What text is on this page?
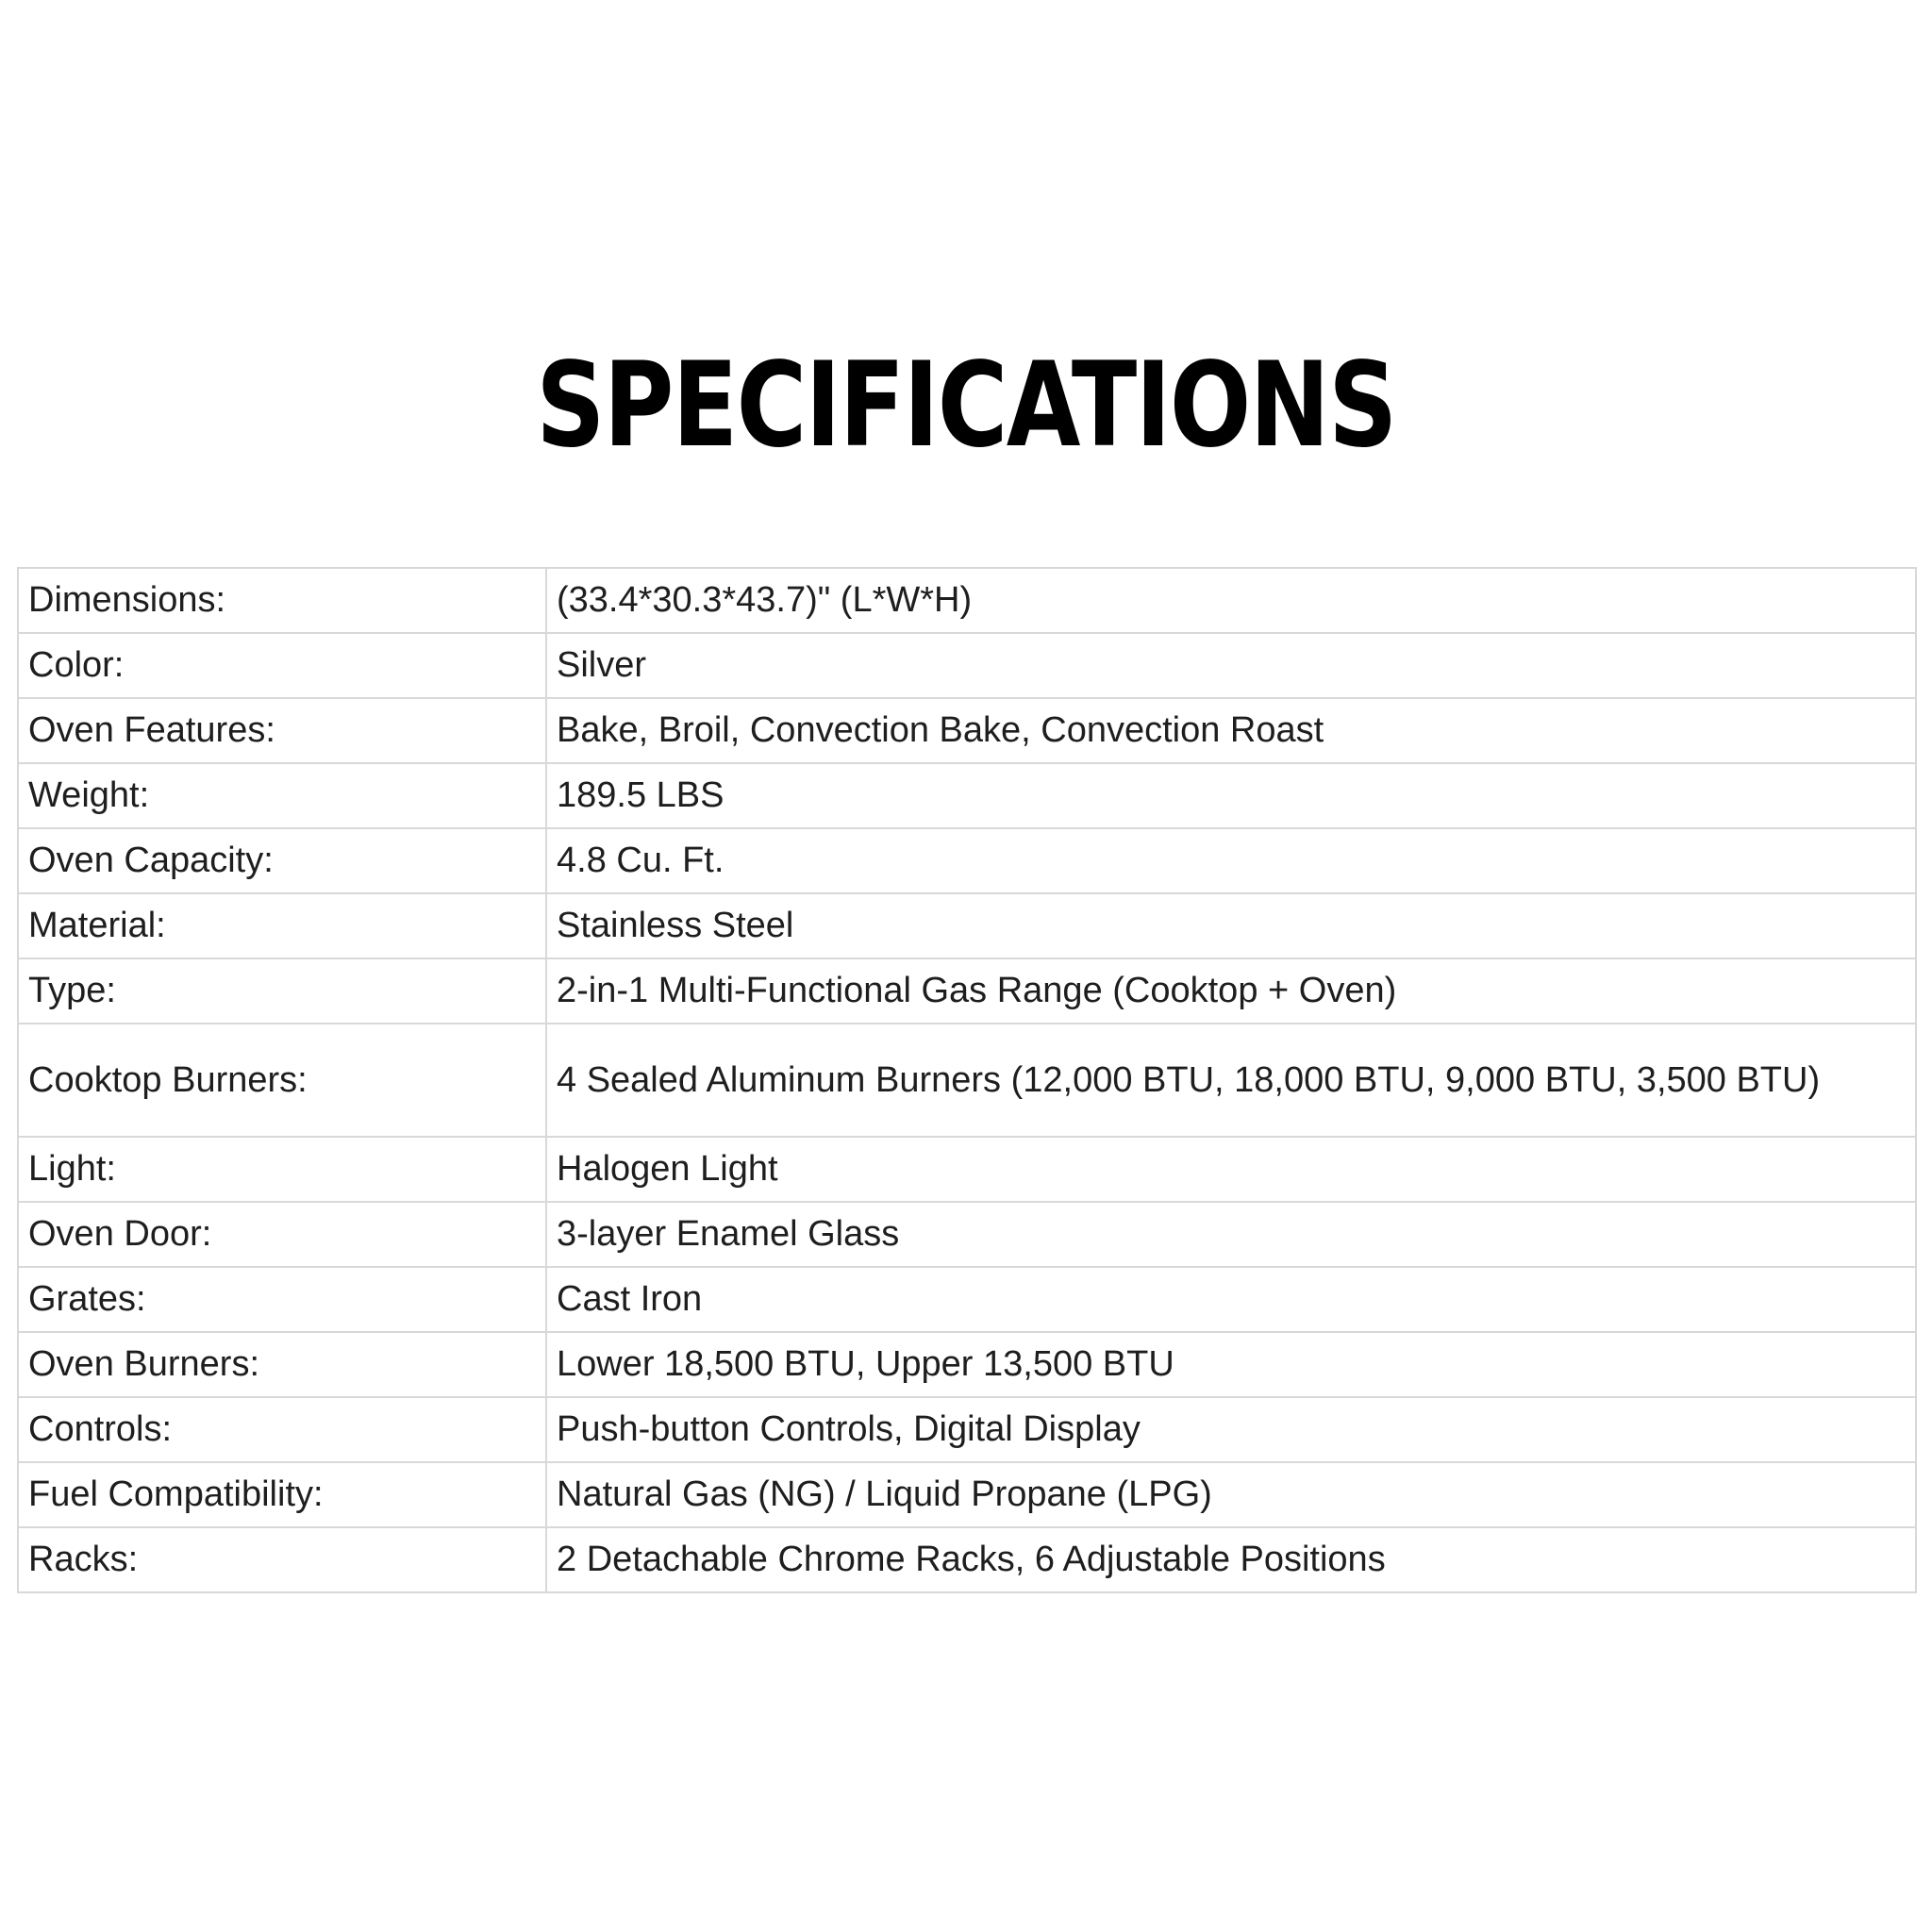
SPECIFICATIONS
Dimensions:	(33.4*30.3*43.7)" (L*W*H)
Color:	Silver
Oven Features:	Bake, Broil, Convection Bake, Convection Roast
Weight:	189.5 LBS
Oven Capacity:	4.8 Cu. Ft.
Material:	Stainless Steel
Type:	2-in-1 Multi-Functional Gas Range (Cooktop + Oven)
Cooktop Burners:	4 Sealed Aluminum Burners (12,000 BTU, 18,000 BTU, 9,000 BTU, 3,500 BTU)
Light:	Halogen Light
Oven Door:	3-layer Enamel Glass
Grates:	Cast Iron
Oven Burners:	Lower 18,500 BTU, Upper 13,500 BTU
Controls:	Push-button Controls, Digital Display
Fuel Compatibility:	Natural Gas (NG) / Liquid Propane (LPG)
Racks:	2 Detachable Chrome Racks, 6 Adjustable Positions
